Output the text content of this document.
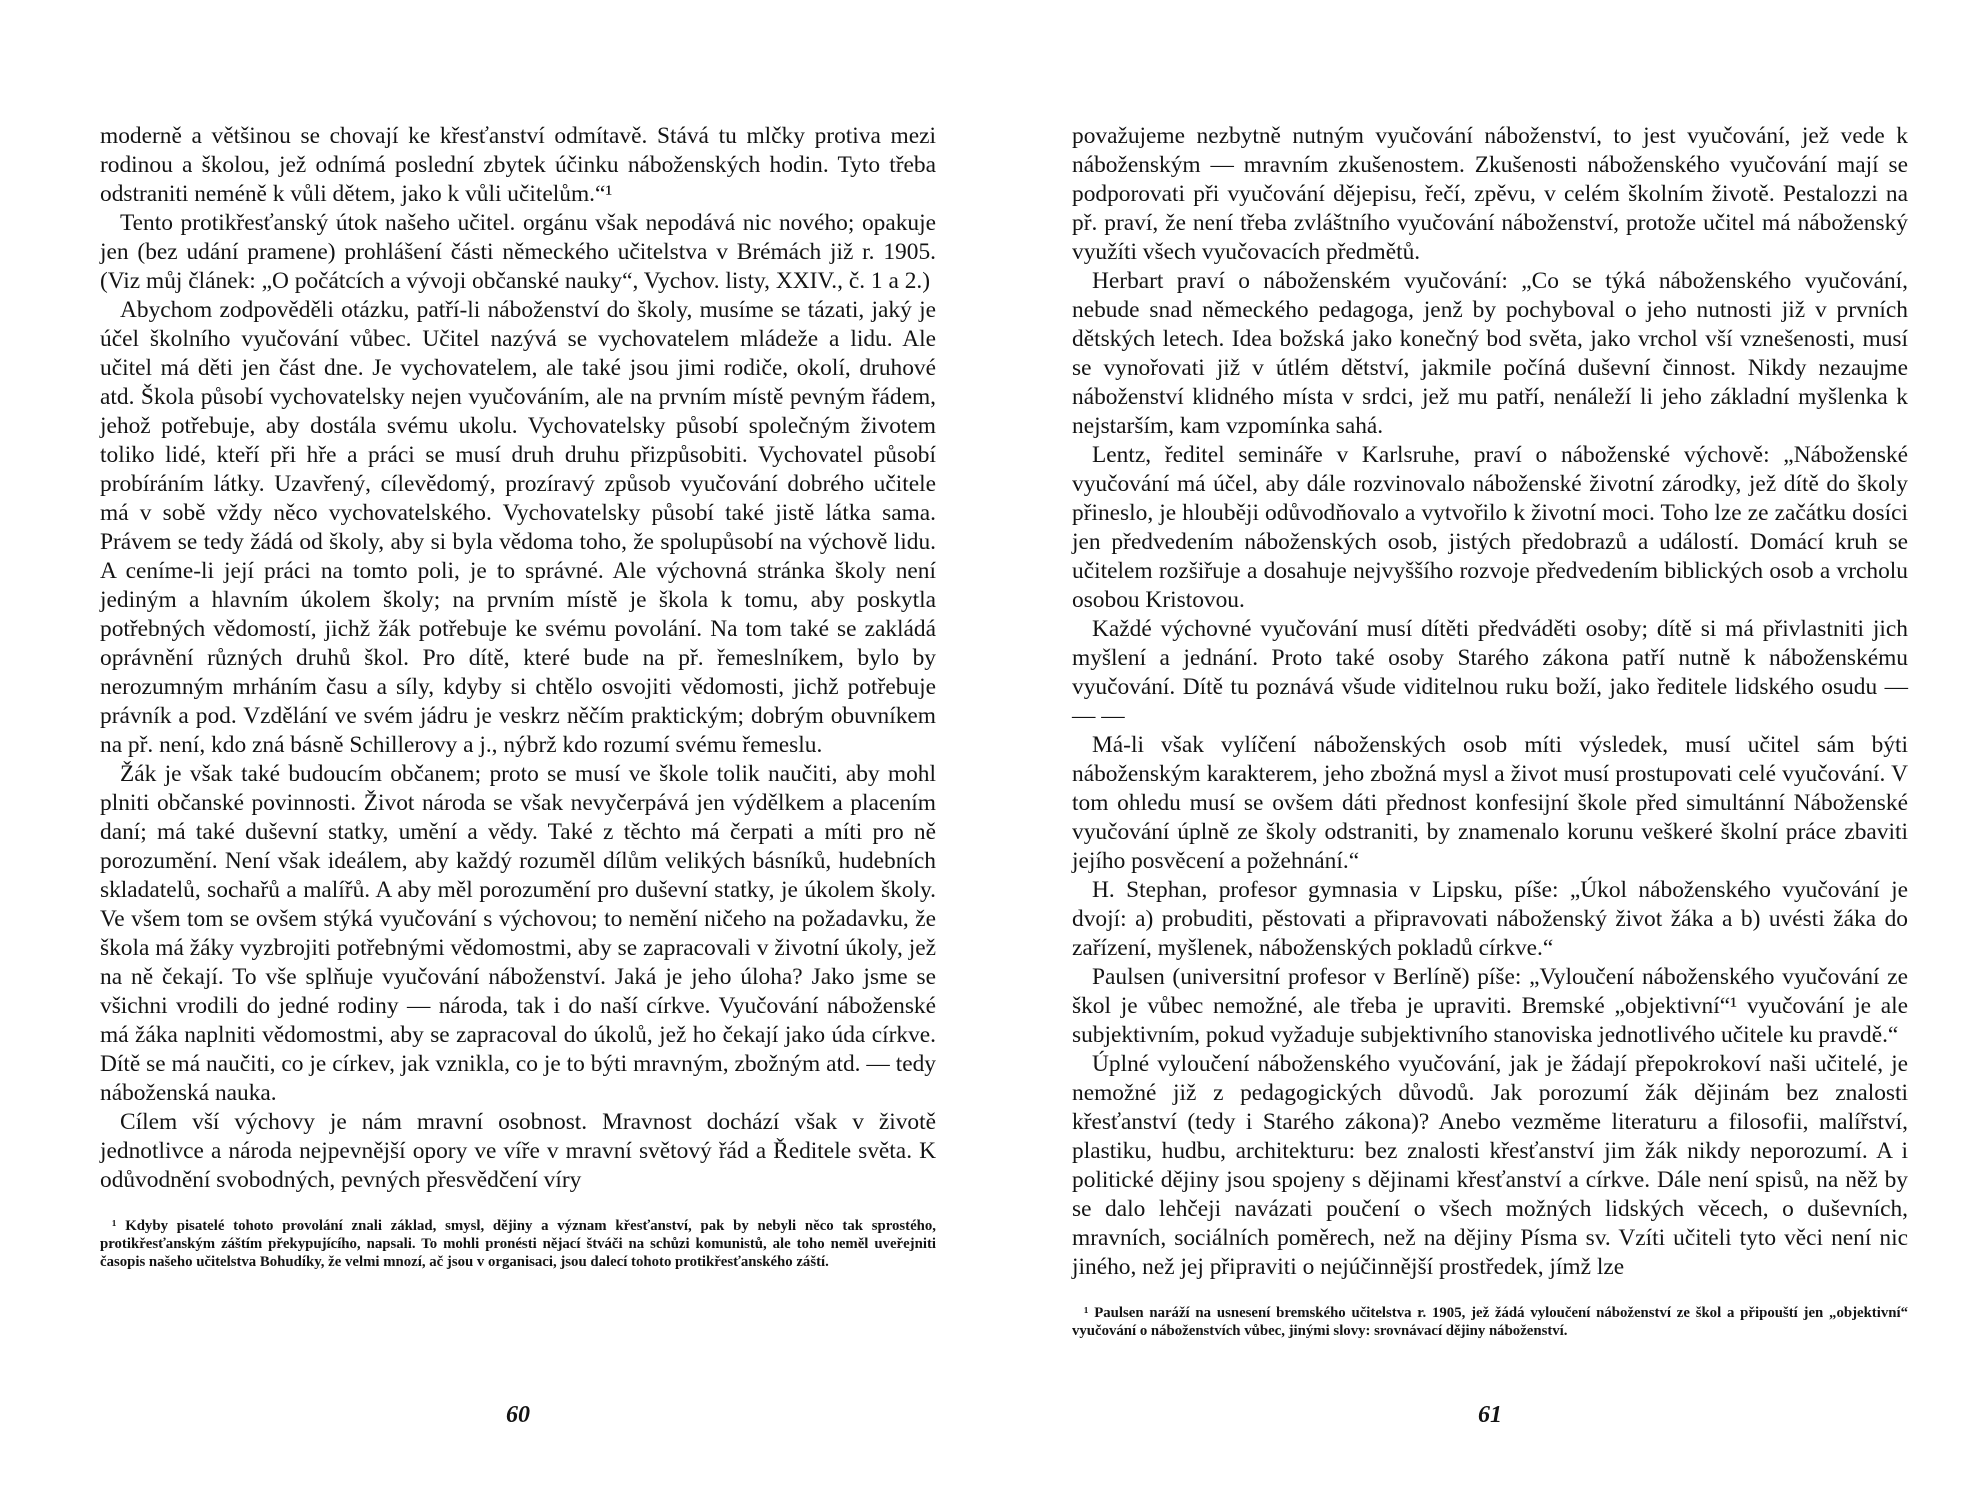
moderně a většinou se chovají ke křesťanství odmítavě. Stává tu mlčky protiva mezi rodinou a školou, jež odnímá poslední zbytek účinku náboženských hodin. Tyto třeba odstraniti neméně k vůli dětem, jako k vůli učitelům.“¹

Tento protikřesťanský útok našeho učitel. orgánu však nepodává nic nového; opakuje jen (bez udání pramene) prohlášení části německého učitelstva v Brémách již r. 1905. (Viz můj článek: „O počátcích a vývoji občanské nauky“, Vychov. listy, XXIV., č. 1 a 2.)

Abychom zodpověděli otázku, patří-li náboženství do školy, musíme se tázati, jaký je účel školního vyučování vůbec. Učitel nazývá se vychovatelem mládeže a lidu. Ale učitel má děti jen část dne. Je vychovatelem, ale také jsou jimi rodiče, okolí, druhové atd. Škola působí vychovatelsky nejen vyučováním, ale na prvním místě pevným řádem, jehož potřebuje, aby dostála svému ukolu. Vychovatelsky působí společným životem toliko lidé, kteří při hře a práci se musí druh druhu přizpůsobiti. Vychovatel působí probíráním látky. Uzavřený, cílevědomý, prozíravý způsob vyučování dobrého učitele má v sobě vždy něco vychovatelského. Vychovatelsky působí také jistě látka sama. Právem se tedy žádá od školy, aby si byla vědoma toho, že spolupůsobí na výchově lidu. A ceníme-li její práci na tomto poli, je to správné. Ale výchovná stránka školy není jediným a hlavním úkolem školy; na prvním místě je škola k tomu, aby poskytla potřebných vědomostí, jichž žák potřebuje ke svému povolání. Na tom také se zakládá oprávnění různých druhů škol. Pro dítě, které bude na př. řemeslníkem, bylo by nerozumným mrháním času a síly, kdyby si chtělo osvojiti vědomosti, jichž potřebuje právník a pod. Vzdělání ve svém jádru je veskrz něčím praktickým; dobrým obuvníkem na př. není, kdo zná básně Schillerovy a j., nýbrž kdo rozumí svému řemeslu.

Žák je však také budoucím občanem; proto se musí ve škole tolik naučiti, aby mohl plniti občanské povinnosti. Život národa se však nevyčerpává jen výdělkem a placením daní; má také duševní statky, umění a vědy. Také z těchto má čerpati a míti pro ně porozumění. Není však ideálem, aby každý rozuměl dílům velikých básníků, hudebních skladatelů, sochařů a malířů. A aby měl porozumění pro duševní statky, je úkolem školy. Ve všem tom se ovšem stýká vyučování s výchovou; to nemění ničeho na požadavku, že škola má žáky vyzbrojiti potřebnými vědomostmi, aby se zapracovali v životní úkoly, jež na ně čekají. To vše splňuje vyučování náboženství. Jaká je jeho úloha? Jako jsme se všichni vrodili do jedné rodiny — národa, tak i do naší církve. Vyučování náboženské má žáka naplniti vědomostmi, aby se zapracoval do úkolů, jež ho čekají jako úda církve. Dítě se má naučiti, co je církev, jak vznikla, co je to býti mravným, zbožným atd. — tedy náboženská nauka.

Cílem vší výchovy je nám mravní osobnost. Mravnost dochází však v životě jednotlivce a národa nejpevnější opory ve víře v mravní světový řád a Ředitele světa. K odůvodnění svobodných, pevných přesvědčení víry

¹ Kdyby pisatelé tohoto provolání znali základ, smysl, dějiny a význam křesťanství, pak by nebyli něco tak sprostého, protikřesťanským záštím překypujícího, napsali. To mohli pronésti nějací štváči na schůzi komunistů, ale toho neměl uveřejniti časopis našeho učitelstva Bohudíky, že velmi mnozí, ač jsou v organisaci, jsou dalecí tohoto protikřesťanského záští.

60

považujeme nezbytně nutným vyučování náboženství, to jest vyučování, jež vede k náboženským — mravním zkušenostem. Zkušenosti náboženského vyučování mají se podporovati při vyučování dějepisu, řečí, zpěvu, v celém školním životě. Pestalozzi na př. praví, že není třeba zvláštního vyučování náboženství, protože učitel má náboženský využíti všech vyučovacích předmětů.

Herbart praví o náboženském vyučování: „Co se týká náboženského vyučování, nebude snad německého pedagoga, jenž by pochyboval o jeho nutnosti již v prvních dětských letech. Idea božská jako konečný bod světa, jako vrchol vší vznešenosti, musí se vynořovati již v útlém dětství, jakmile počíná duševní činnost. Nikdy nezaujme náboženství klidného místa v srdci, jež mu patří, nenáleží li jeho základní myšlenka k nejstarším, kam vzpomínka sahá.

Lentz, ředitel semináře v Karlsruhe, praví o náboženské výchově: „Náboženské vyučování má účel, aby dále rozvinovalo náboženské životní zárodky, jež dítě do školy přineslo, je hlouběji odůvodňovalo a vytvořilo k životní moci. Toho lze ze začátku dosíci jen předvedením náboženských osob, jistých předobrazů a událostí. Domácí kruh se učitelem rozšiřuje a dosahuje nejvyššího rozvoje předvedením biblických osob a vrcholu osobou Kristovou.

Každé výchovné vyučování musí dítěti předváděti osoby; dítě si má přivlastniti jich myšlení a jednání. Proto také osoby Starého zákona patří nutně k náboženskému vyučování. Dítě tu poznává všude viditelnou ruku boží, jako ředitele lidského osudu — — —

Má-li však vylíčení náboženských osob míti výsledek, musí učitel sám býti náboženským karakterem, jeho zbožná mysl a život musí prostupovati celé vyučování. V tom ohledu musí se ovšem dáti přednost konfesijní škole před simultánní Náboženské vyučování úplně ze školy odstraniti, by znamenalo korunu veškeré školní práce zbaviti jejího posvěcení a požehnání.“

H. Stephan, profesor gymnasia v Lipsku, píše: „Úkol náboženského vyučování je dvojí: a) probuditi, pěstovati a připravovati náboženský život žáka a b) uvésti žáka do zařízení, myšlenek, náboženských pokladů církve.“

Paulsen (universitní profesor v Berlíně) píše: „Vyloučení náboženského vyučování ze škol je vůbec nemožné, ale třeba je upraviti. Bremské „objektivní“¹ vyučování je ale subjektivním, pokud vyžaduje subjektivního stanoviska jednotlivého učitele ku pravdě.“

Úplné vyloučení náboženského vyučování, jak je žádají přepokrokoví naši učitelé, je nemožné již z pedagogických důvodů. Jak porozumí žák dějinám bez znalosti křesťanství (tedy i Starého zákona)? Anebo vezměme literaturu a filosofii, malířství, plastiku, hudbu, architekturu: bez znalosti křesťanství jim žák nikdy neporozumí. A i politické dějiny jsou spojeny s dějinami křesťanství a církve. Dále není spisů, na něž by se dalo lehčeji navázati poučení o všech možných lidských věcech, o duševních, mravních, sociálních poměrech, než na dějiny Písma sv. Vzíti učiteli tyto věci není nic jiného, než jej připraviti o nejúčinnější prostředek, jímž lze

¹ Paulsen naráží na usnesení bremského učitelstva r. 1905, jež žádá vyloučení náboženství ze škol a připouští jen „objektivní“ vyučování o náboženstvích vůbec, jinými slovy: srovnávací dějiny náboženství.

61
